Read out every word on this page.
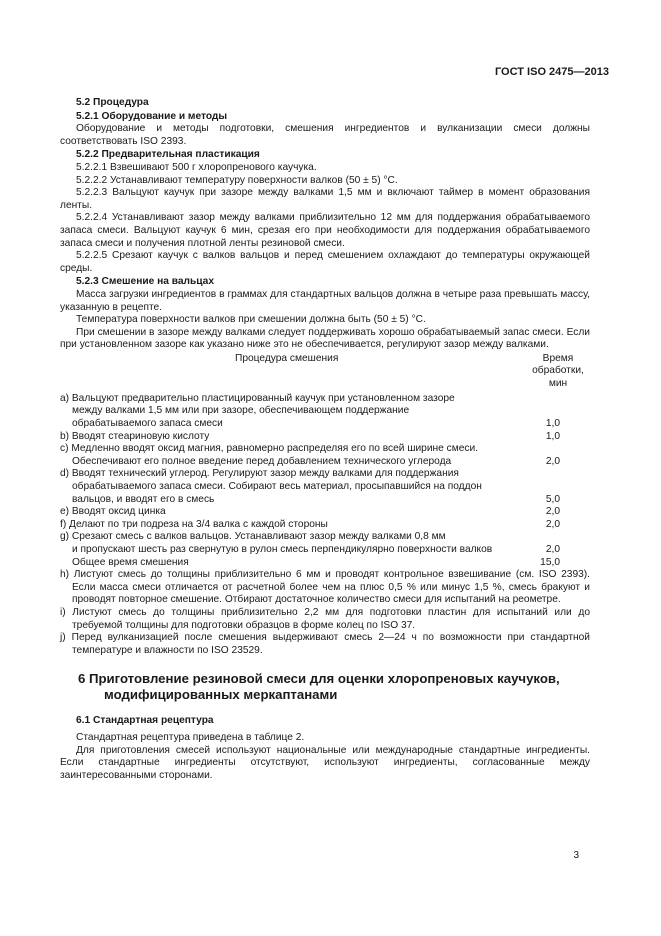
ГОСТ ISO 2475—2013

5.2 Процедура

5.2.1 Оборудование и методы

Оборудование и методы подготовки, смешения ингредиентов и вулканизации смеси должны соответствовать ISO 2393.

5.2.2 Предварительная пластикация

5.2.2.1 Взвешивают 500 г хлоропренового каучука.

5.2.2.2 Устанавливают температуру поверхности валков (50 ± 5) °С.

5.2.2.3 Вальцуют каучук при зазоре между валками 1,5 мм и включают таймер в момент образования ленты.

5.2.2.4 Устанавливают зазор между валками приблизительно 12 мм для поддержания обрабатываемого запаса смеси. Вальцуют каучук 6 мин, срезая его при необходимости для поддержания обрабатываемого запаса смеси и получения плотной ленты резиновой смеси.

5.2.2.5 Срезают каучук с валков вальцов и перед смешением охлаждают до температуры окружающей среды.

5.2.3 Смешение на вальцах

Масса загрузки ингредиентов в граммах для стандартных вальцов должна в четыре раза превышать массу, указанную в рецепте.

Температура поверхности валков при смешении должна быть (50 ± 5) °С.

При смешении в зазоре между валками следует поддерживать хорошо обрабатываемый запас смеси. Если при установленном зазоре как указано ниже это не обеспечивается, регулируют зазор между валками.

Процедура смешения	Время обработки, мин
a) Вальцуют предварительно пластицированный каучук при установленном зазоре
между валками 1,5 мм или при зазоре, обеспечивающем поддержание
обрабатываемого запаса смеси	1,0
b) Вводят стеариновую кислоту	1,0
c) Медленно вводят оксид магния, равномерно распределяя его по всей ширине смеси.
Обеспечивают его полное введение перед добавлением технического углерода	2,0
d) Вводят технический углерод. Регулируют зазор между валками для поддержания
обрабатываемого запаса смеси. Собирают весь материал, просыпавшийся на поддон
вальцов, и вводят его в смесь	5,0
e) Вводят оксид цинка	2,0
f) Делают по три подреза на 3/4 валка с каждой стороны	2,0
g) Срезают смесь с валков вальцов. Устанавливают зазор между валками 0,8 мм
и пропускают шесть раз свернутую в рулон смесь перпендикулярно поверхности валков	2,0
Общее время смешения	15,0

h) Листуют смесь до толщины приблизительно 6 мм и проводят контрольное взвешивание (см. ISO 2393). Если масса смеси отличается от расчетной более чем на плюс 0,5 % или минус 1,5 %, смесь бракуют и проводят повторное смешение. Отбирают достаточное количество смеси для испытаний на реометре.

i) Листуют смесь до толщины приблизительно 2,2 мм для подготовки пластин для испытаний или до требуемой толщины для подготовки образцов в форме колец по ISO 37.

j) Перед вулканизацией после смешения выдерживают смесь 2—24 ч по возможности при стандартной температуре и влажности по ISO 23529.

6 Приготовление резиновой смеси для оценки хлоропреновых каучуков, модифицированных меркаптанами

6.1 Стандартная рецептура

Стандартная рецептура приведена в таблице 2.

Для приготовления смесей используют национальные или международные стандартные ингредиенты. Если стандартные ингредиенты отсутствуют, используют ингредиенты, согласованные между заинтересованными сторонами.

3
